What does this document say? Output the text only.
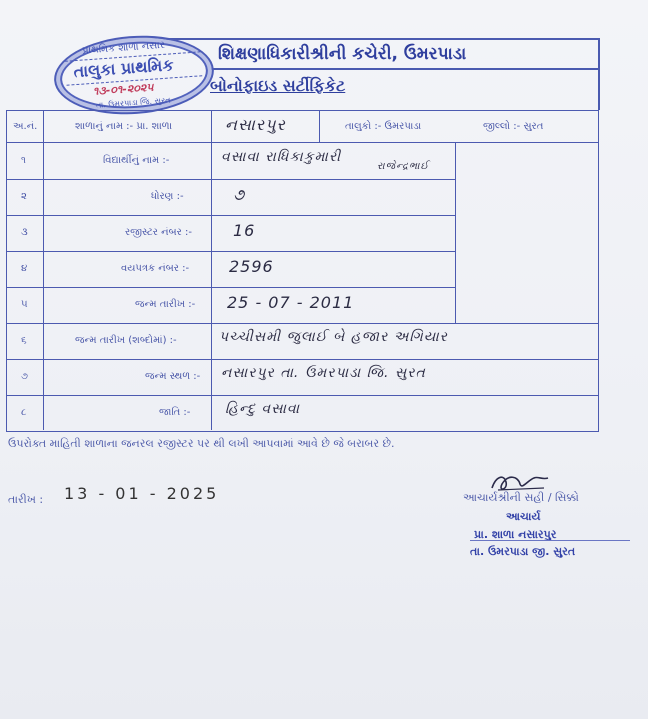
શિક્ષણાધિકારીશ્રીની કચેરી, ઉમરપાડા
બોનોફાઇડ સર્ટીફિકેટ
પ્રાથમિક શાળા નસાર
તાલુકા પ્રાથમિક
૧૩-૦૧-૨૦૨૫
તા. ઉમરપાડા જિ. સુરત
અ.નં.	શાળાનું નામ :- પ્રા. શાળા	નસારપુર	તાલુકો :- ઉમરપાડા	જીલ્લો :- સુરત
૧	વિદ્યાર્થીનું નામ :-	વસાવા રાધિકાકુમારી
રાજેન્દ્રભાઈ
૨	ધોરણ :-	૭
૩	રજીસ્ટર નંબર :-	16
૪	વયપત્રક નંબર :- 2596
૫	જન્મ તારીખ :- 25 - 07 - 2011
૬	જન્મ તારીખ (શબ્દોમાં) :-	પચ્ચીસમી જુલાઈ બે હજાર અગિયાર
૭	જન્મ સ્થળ :- નસારપુર તા. ઉમરપાડા જિ. સુરત
૮	જાતિ :- હિન્દુ વસાવા
ઉપરોક્ત માહિતી શાળાના જનરલ રજીસ્ટર પર થી લખી આપવામાં આવે છે જે બરાબર છે.
તારીખ : 13 - 01 - 2025	આચાર્યશ્રીની સહી / સિક્કો
આચાર્ય
પ્રા. શાળા નસારપુર
તા. ઉમરપાડા જી. સુરત
